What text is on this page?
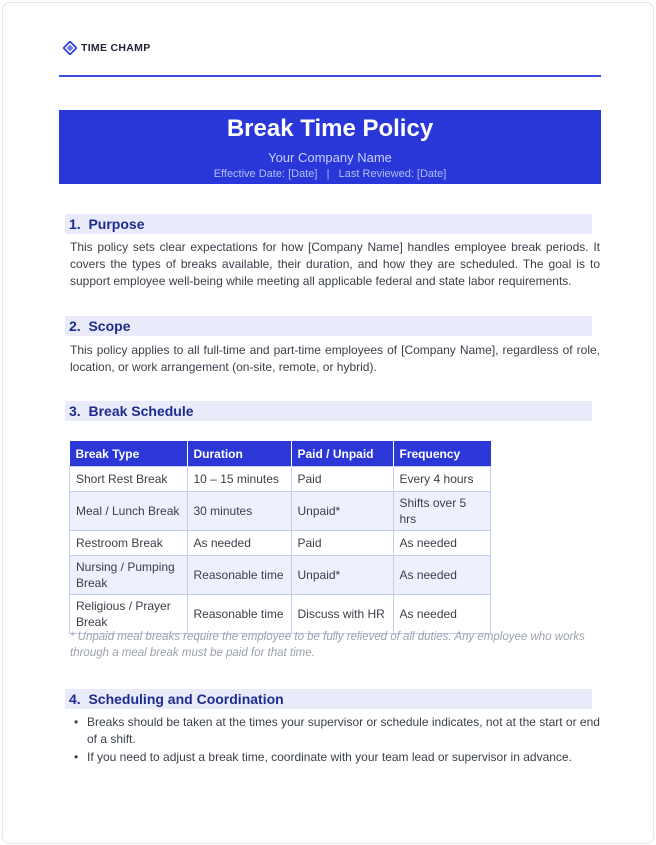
TIME CHAMP
Break Time Policy
Your Company Name
Effective Date: [Date] | Last Reviewed: [Date]
1. Purpose
This policy sets clear expectations for how [Company Name] handles employee break periods. It covers the types of breaks available, their duration, and how they are scheduled. The goal is to support employee well-being while meeting all applicable federal and state labor requirements.
2. Scope
This policy applies to all full-time and part-time employees of [Company Name], regardless of role, location, or work arrangement (on-site, remote, or hybrid).
3. Break Schedule
Break Type	Duration	Paid / Unpaid	Frequency
Short Rest Break	10 – 15 minutes	Paid	Every 4 hours
Meal / Lunch Break	30 minutes	Unpaid*	Shifts over 5 hrs
Restroom Break	As needed	Paid	As needed
Nursing / Pumping Break	Reasonable time	Unpaid*	As needed
Religious / Prayer Break	Reasonable time	Discuss with HR	As needed
* Unpaid meal breaks require the employee to be fully relieved of all duties. Any employee who works through a meal break must be paid for that time.
4. Scheduling and Coordination
• Breaks should be taken at the times your supervisor or schedule indicates, not at the start or end of a shift.
• If you need to adjust a break time, coordinate with your team lead or supervisor in advance.
